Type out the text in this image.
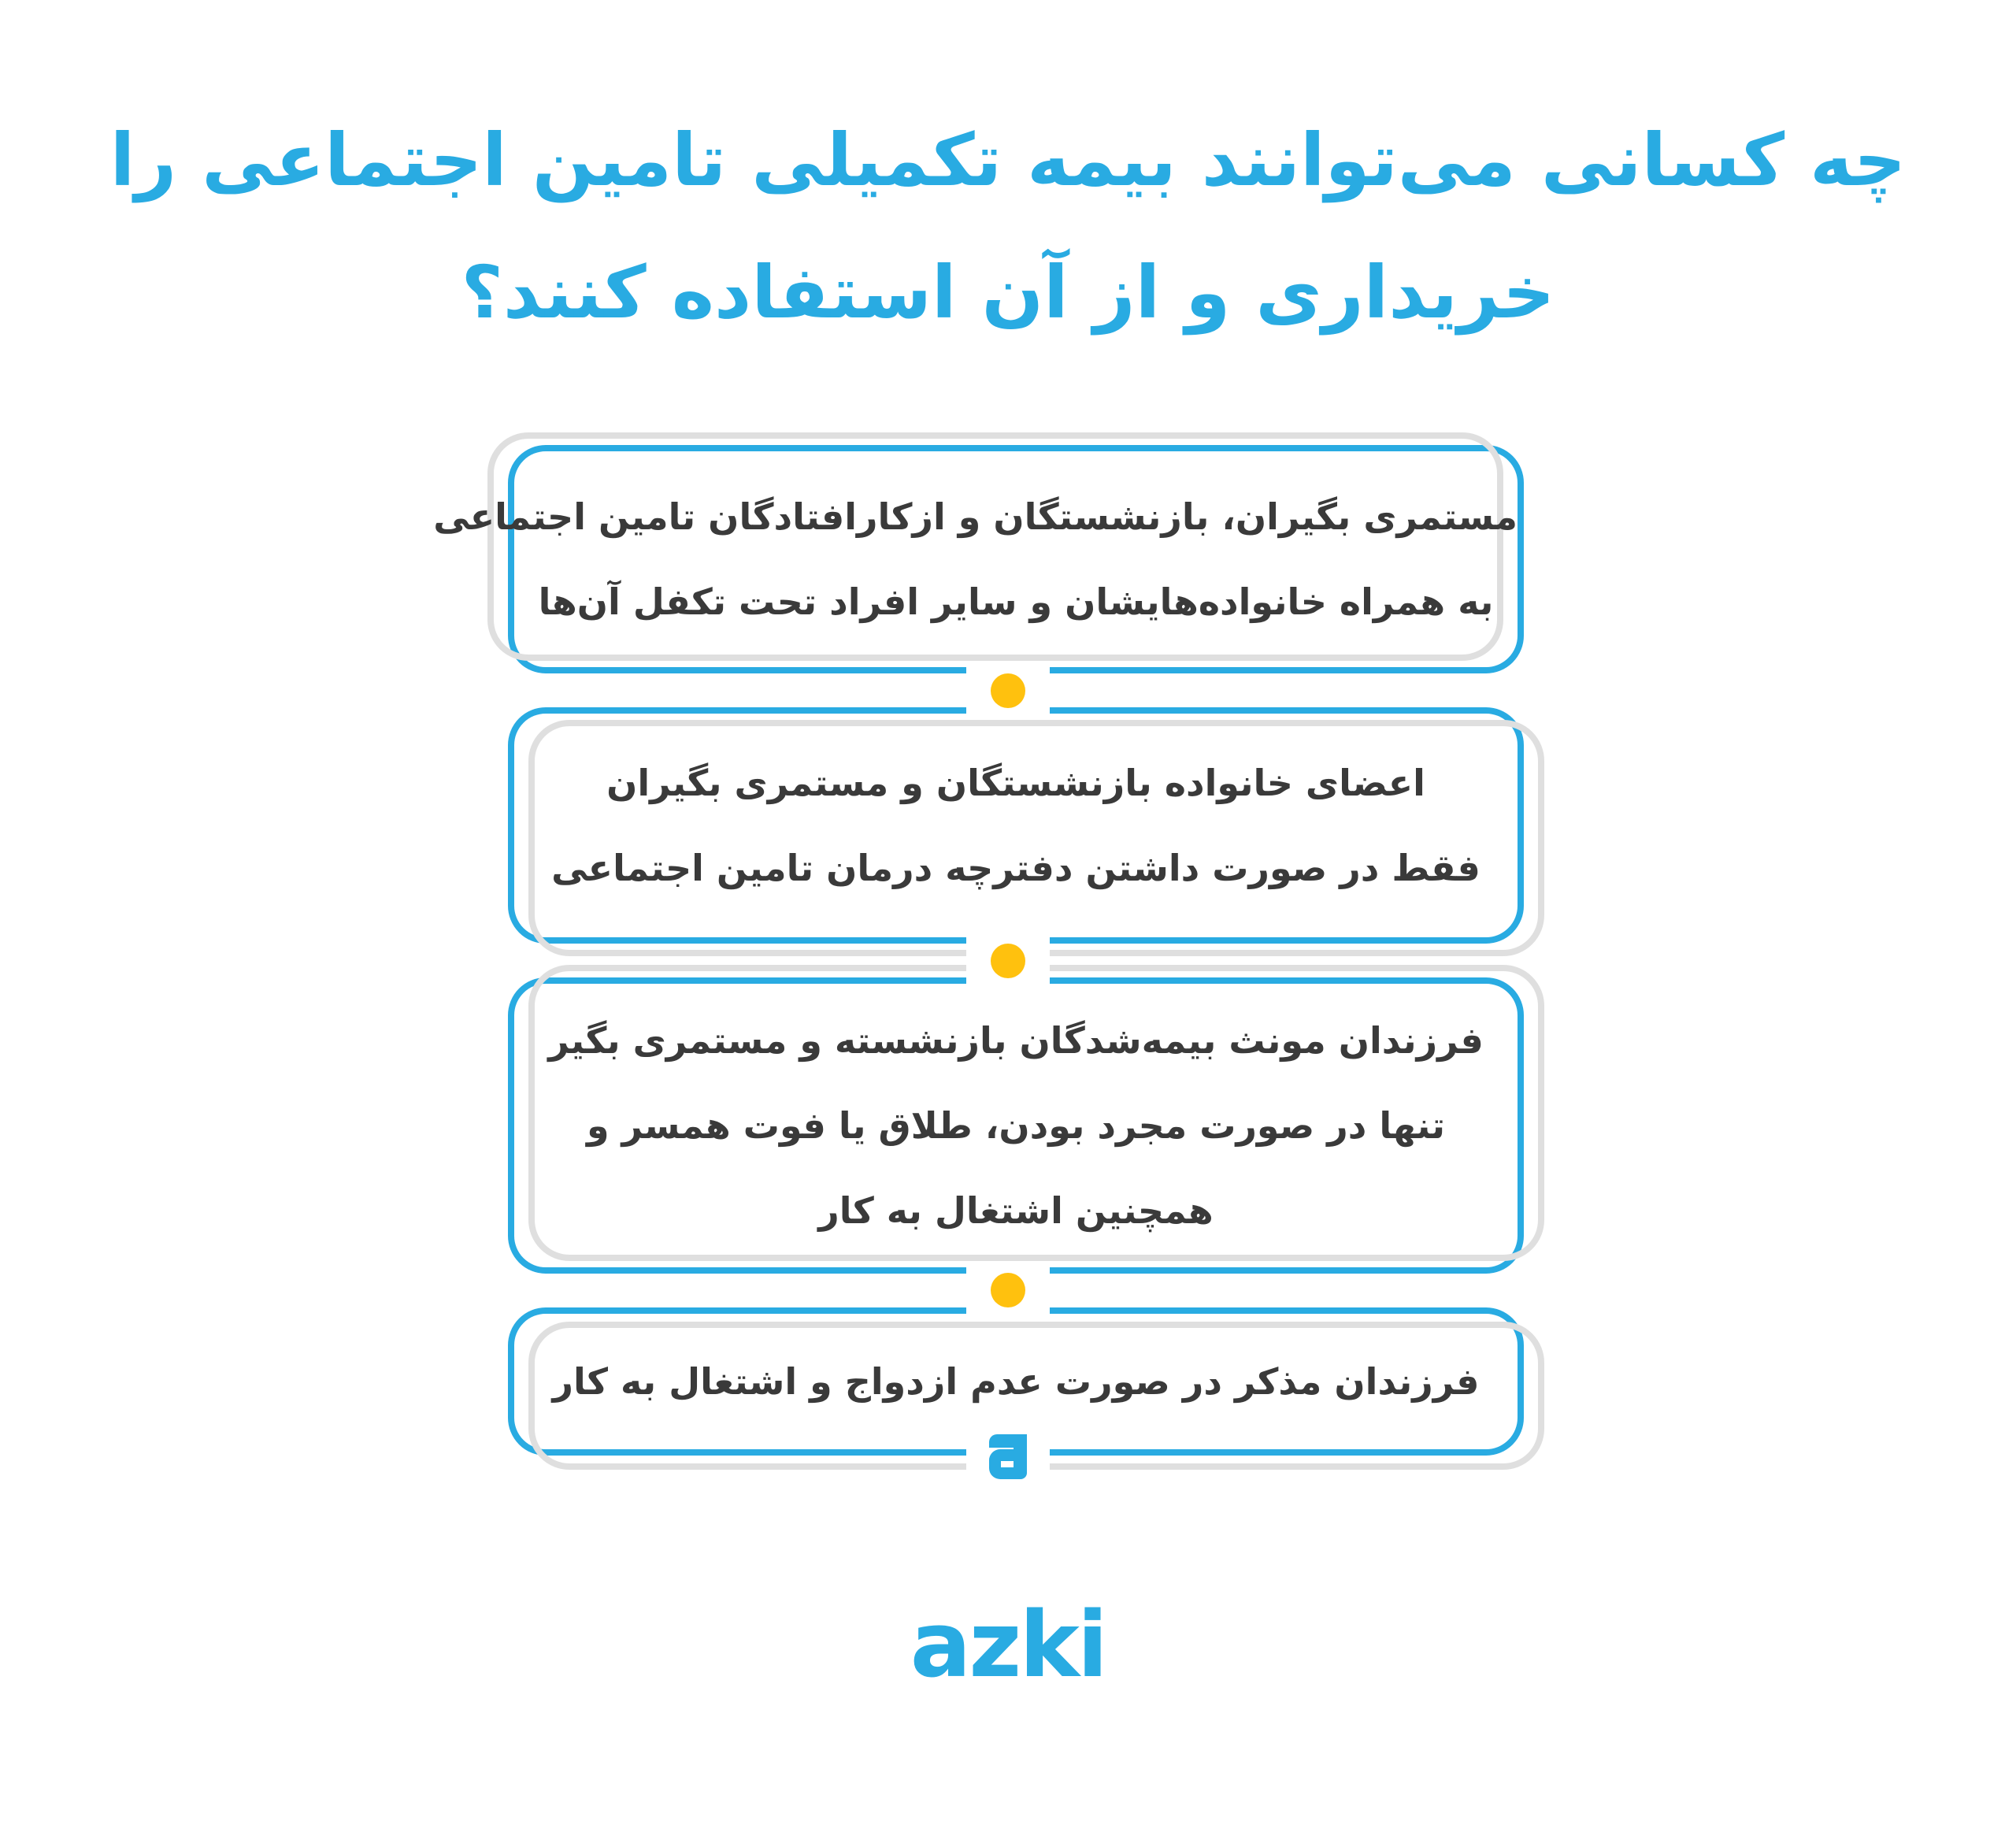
چه کسانی می‌توانند بیمه تکمیلی تامین اجتماعی را
خریداری و از آن استفاده کنند؟

مستمری بگیران، بازنشستگان و ازکارافتادگان تامین اجتماعی

به همراه خانواده‌هایشان و سایر افراد تحت تکفل آن‌ها

اعضای خانواده بازنشستگان و مستمری بگیران

فقط در صورت داشتن دفترچه درمان تامین اجتماعی

فرزندان مونث بیمه‌شدگان بازنشسته و مستمری بگیر

تنها در صورت مجرد بودن، طلاق یا فوت همسر و

همچنین اشتغال به کار

فرزندان مذکر در صورت عدم ازدواج و اشتغال به کار

azki
